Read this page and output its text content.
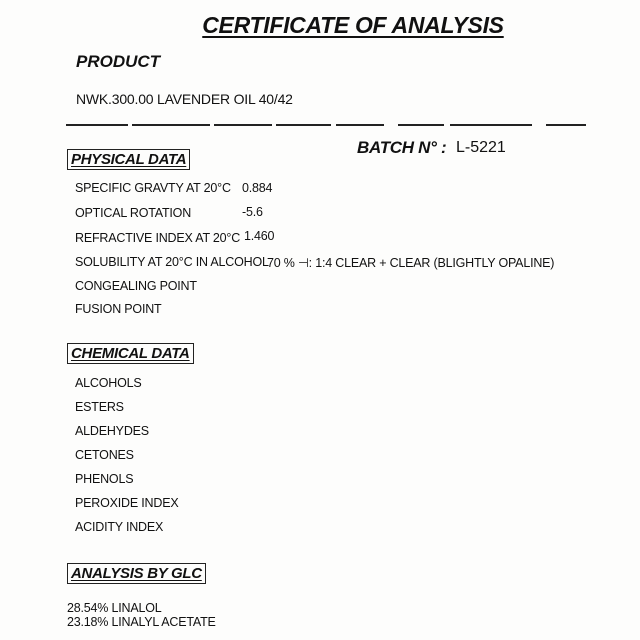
CERTIFICATE OF ANALYSIS
PRODUCT
NWK.300.00 LAVENDER OIL 40/42
PHYSICAL DATA
BATCH N° : L-5221
SPECIFIC GRAVTY AT 20°C 0.884
OPTICAL ROTATION	-5.6
REFRACTIVE INDEX AT 20°C 1.460
SOLUBILITY AT 20°C IN ALCOHOL
70 % ⊣: 1:4 CLEAR + CLEAR (BLIGHTLY OPALINE)
CONGEALING POINT
FUSION POINT
CHEMICAL DATA
ALCOHOLS
ESTERS
ALDEHYDES
CETONES
PHENOLS
PEROXIDE INDEX
ACIDITY INDEX
ANALYSIS BY GLC
28.54% LINALOL
23.18% LINALYL ACETATE
